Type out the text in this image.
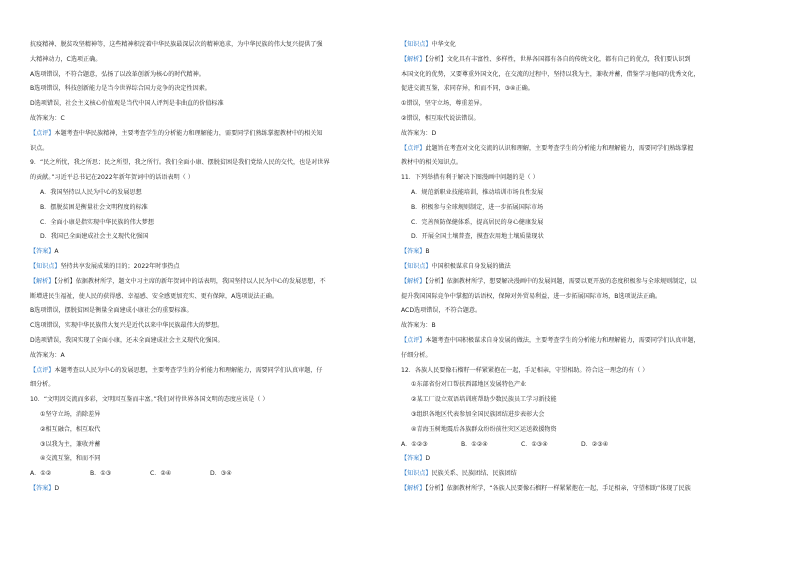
抗疫精神、脱贫攻坚精神等，这些精神积淀着中华民族最深层次的精神追求，为中华民族的伟大复兴提供了强
大精神动力，C选项正确。
A选项错误，不符合题意，弘扬了以改革创新为核心的时代精神。
B选项错误，科技创新能力是当今世界综合国力竞争的决定性因素。
D选项错误，社会主义核心价值观是当代中国人评判是非曲直的价值标准
故答案为：C
【点评】本题考查中华民族精神，主要考查学生的分析能力和理解能力，需要同学们熟练掌握教材中的相关知
识点。
9．“民之所忧，我之所思；民之所望，我之所行。我们全面小康、摆脱贫困是我们党给人民的交代，也是对世界
的贡献。”习近平总书记在2022年新年贺词中的话语表明（ ）
A．我国坚持以人民为中心的发展思想
B．摆脱贫困是衡量社会文明程度的标准
C．全面小康是指实现中华民族的伟大梦想
D．我国已全面建成社会主义现代化强国
【答案】A
【知识点】坚持共享发展成果的目的；2022年时事热点
【解析】【分析】依据教材所学，题文中习主席的新年贺词中的话表明，我国坚持以人民为中心的发展思想，不
断增进民生福祉，使人民的获得感、幸福感、安全感更加充实、更有保障，A选项说法正确。
B选项错误，摆脱贫困是衡量全面建成小康社会的重要标准。
C选项错误，实现中华民族伟大复兴是近代以来中华民族最伟大的梦想。
D选项错误，我国实现了全面小康，还未全面建成社会主义现代化强国。
故答案为：A
【点评】本题考查以人民为中心的发展思想，主要考查学生的分析能力和理解能力，需要同学们认真审题，仔
细分析。
10．“文明因交流而多彩，文明因互鉴而丰富。”我们对待世界各国文明的态度应该是（ ）
①坚守立场，消除差异
②相互融合，相互取代
③以我为主，兼收并蓄
④交流互鉴，和而不同
A．①②	B．①③	C．②④	D．③④
【答案】D
【知识点】中华文化
【解析】【分析】文化具有丰富性、多样性，世界各国都有各自的传统文化，都有自己的优点，我们要认识到
本国文化的优势，又要尊重外国文化，在交流的过程中，坚持以我为主，兼收并蓄，借鉴学习他国的优秀文化，
促进交流互鉴，求同存异，和而不同，③④正确。
①错误，坚守立场，尊重差异。
②错误，相互取代说法错误。
故答案为：D
【点评】此题旨在考查对文化交流的认识和理解，主要考查学生的分析能力和理解能力，需要同学们熟练掌握
教材中的相关知识点。
11．下列举措有利于解决下图漫画中问题的是（ ）
A．规范新职业技能培训，推动培训市场良性发展
B．积极参与全球规则制定，进一步拓展国际市场
C．完善预防保健体系，提高居民的身心健康发展
D．开展全国土壤普查，摸查农用地土壤质量现状
【答案】B
【知识点】中国积极谋求自身发展的做法
【解析】【分析】依据教材所学，想要解决漫画中的发展问题，需要以更开放的态度积极参与全球规则制定，以
提升我国国际竞争中掌握的话语权，保障对外贸易利益，进一步拓展国际市场，B选项说法正确。
ACD选项错误，不符合题意。
故答案为：B
【点评】本题考查中国积极谋求自身发展的做法，主要考查学生的分析能力和理解能力，需要同学们认真审题，
仔细分析。
12．各族人民要像石榴籽一样紧紧抱在一起，手足相亲，守望相助。符合这一理念的有（ ）
①东部省份对口帮扶西部地区发展特色产业
②某工厂设立双语培训班帮助少数民族员工学习新技能
③组织各地区代表参加全国民族团结进步表彰大会
④青海玉树地震后各族群众纷纷前往灾区运送救援物资
A．①②③	B．①②④	C．①③④	D．②③④
【答案】D
【知识点】民族关系、民族团结、民族团结
【解析】【分析】依据教材所学，“各族人民要像石榴籽一样紧紧抱在一起，手足相亲，守望相助”体现了民族
